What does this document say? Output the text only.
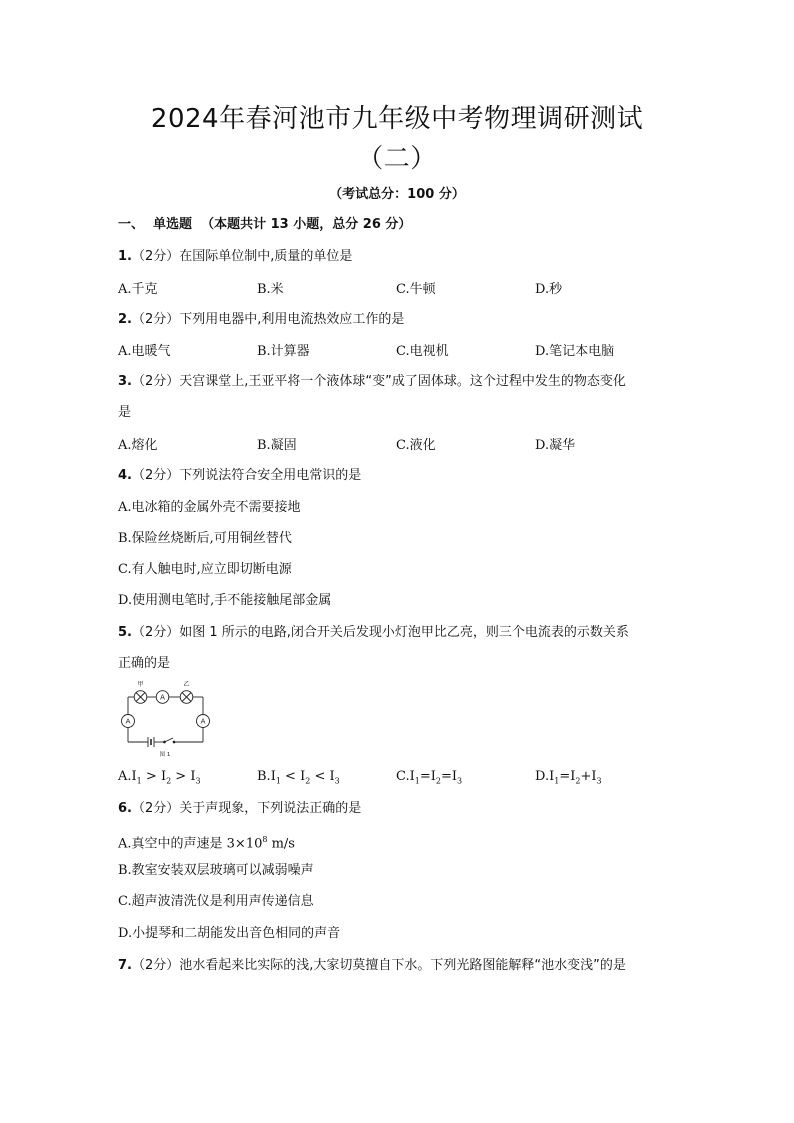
2024年春河池市九年级中考物理调研测试
（二）
（考试总分：100 分）
一、  单选题  （本题共计 13 小题，总分 26 分）
1.（2分）在国际单位制中,质量的单位是
A.千克	B.米	C.牛顿	D.秒
2.（2分）下列用电器中,利用电流热效应工作的是
A.电暖气	B.计算器	C.电视机	D.笔记本电脑
3.（2分）天宫课堂上,王亚平将一个液体球“变”成了固体球。这个过程中发生的物态变化
是
A.熔化	B.凝固	C.液化	D.凝华
4.（2分）下列说法符合安全用电常识的是
A.电冰箱的金属外壳不需要接地
B.保险丝烧断后,可用铜丝替代
C.有人触电时,应立即切断电源
D.使用测电笔时,手不能接触尾部金属
5.（2分）如图 1 所示的电路,闭合开关后发现小灯泡甲比乙亮，则三个电流表的示数关系
正确的是
甲	乙
A
A	A
图 1
$A.I_1 > I_2 > I_3$	$B.I_1 < I_2 < I_3$	$C.I_1=I_2=I_3$	$D.I_1=I_2+I_3$
6.（2分）关于声现象，下列说法正确的是
A.真空中的声速是 $3\times 10^8$ m/s
B.教室安装双层玻璃可以减弱噪声
C.超声波清洗仪是利用声传递信息
D.小提琴和二胡能发出音色相同的声音
7.（2分）池水看起来比实际的浅,大家切莫擅自下水。下列光路图能解释“池水变浅”的是
